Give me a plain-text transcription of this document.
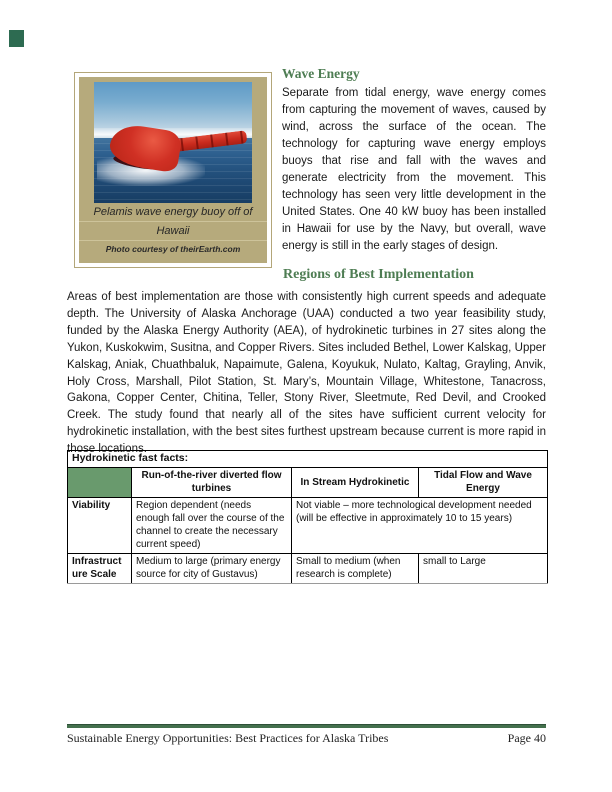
Pelamis wave energy buoy off of
Hawaii
Photo courtesy of theirEarth.com
Wave Energy
Separate from tidal energy, wave energy comes from capturing the movement of waves, caused by wind, across the surface of the ocean. The technology for capturing wave energy employs buoys that rise and fall with the waves and generate electricity from the movement. This technology has seen very little development in the United States. One 40 kW buoy has been installed in Hawaii for use by the Navy, but overall, wave energy is still in the early stages of design.
Regions of Best Implementation
Areas of best implementation are those with consistently high current speeds and adequate depth. The University of Alaska Anchorage (UAA) conducted a two year feasibility study, funded by the Alaska Energy Authority (AEA), of hydrokinetic turbines in 27 sites along the Yukon, Kuskokwim, Susitna, and Copper Rivers. Sites included Bethel, Lower Kalskag, Upper Kalskag, Aniak, Chuathbaluk, Napaimute, Galena, Koyukuk, Nulato, Kaltag, Grayling, Anvik, Holy Cross, Marshall, Pilot Station, St. Mary’s, Mountain Village, Whitestone, Tanacross, Gakona, Copper Center, Chitina, Teller, Stony River, Sleetmute, Red Devil, and Crooked Creek. The study found that nearly all of the sites have sufficient current velocity for hydrokinetic installation, with the best sites furthest upstream because current is more rapid in those locations.
Hydrokinetic fast facts:			
	Run-of-the-river diverted flow turbines	In Stream Hydrokinetic	Tidal Flow and Wave Energy
Viability	Region dependent (needs enough fall over the course of the channel to create the necessary current speed)	Not viable – more technological development needed (will be effective in approximately 10 to 15 years)	
Infrastructure Scale	Medium to large (primary energy source for city of Gustavus)	Small to medium (when research is complete)	small to Large
Sustainable Energy Opportunities: Best Practices for Alaska Tribes	Page 40
